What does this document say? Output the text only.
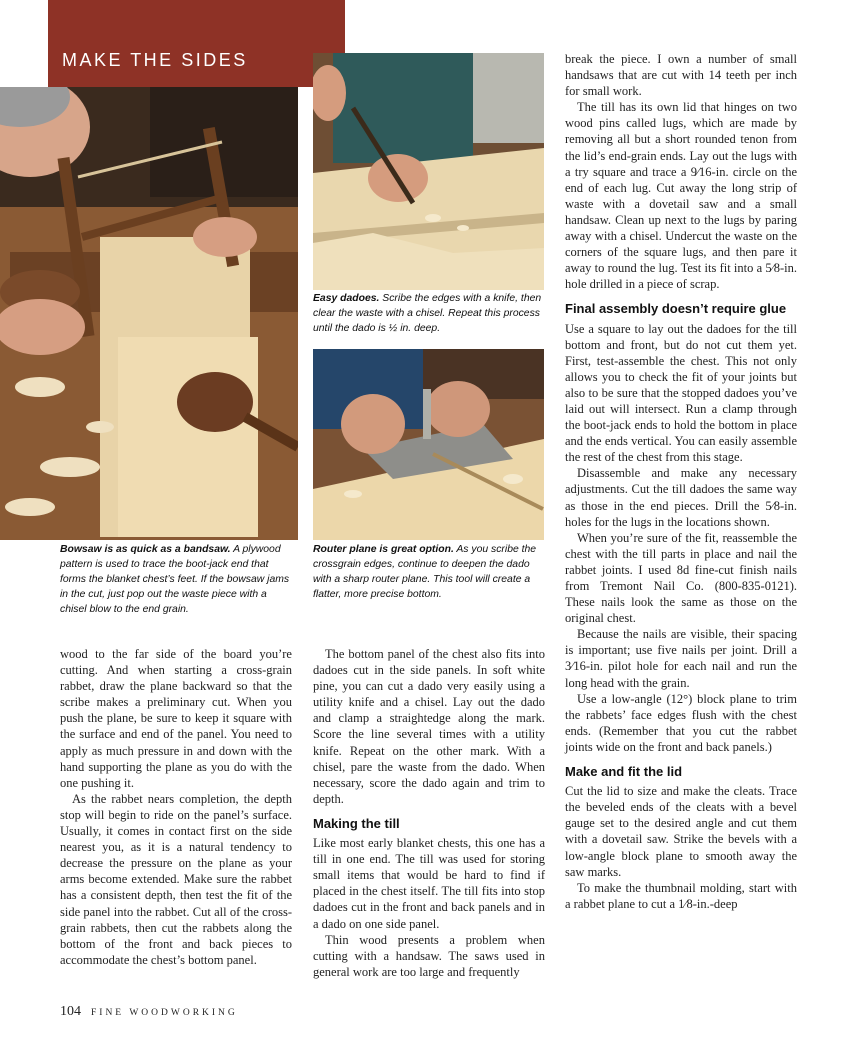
MAKE THE SIDES
Easy dadoes. Scribe the edges with a knife, then clear the waste with a chisel. Repeat this process until the dado is ½ in. deep.
Bowsaw is as quick as a bandsaw. A plywood pattern is used to trace the boot-jack end that forms the blanket chest’s feet. If the bowsaw jams in the cut, just pop out the waste piece with a chisel blow to the end grain.
Router plane is great option. As you scribe the crossgrain edges, continue to deepen the dado with a sharp router plane. This tool will create a flatter, more precise bottom.

wood to the far side of the board you’re cutting. And when starting a cross-grain rabbet, draw the plane backward so that the scribe makes a preliminary cut. When you push the plane, be sure to keep it square with the surface and end of the panel. You need to apply as much pressure in and down with the hand supporting the plane as you do with the one pushing it.

As the rabbet nears completion, the depth stop will begin to ride on the panel’s surface. Usually, it comes in contact first on the side nearest you, as it is a natural tendency to decrease the pressure on the plane as your arms become extended. Make sure the rabbet has a consistent depth, then test the fit of the side panel into the rabbet. Cut all of the cross-grain rabbets, then cut the rabbets along the bottom of the front and back pieces to accommodate the chest’s bottom panel.

The bottom panel of the chest also fits into dadoes cut in the side panels. In soft white pine, you can cut a dado very easily using a utility knife and a chisel. Lay out the dado and clamp a straightedge along the mark. Score the line several times with a utility knife. Repeat on the other mark. With a chisel, pare the waste from the dado. When necessary, score the dado again and trim to depth.

Making the till

Like most early blanket chests, this one has a till in one end. The till was used for storing small items that would be hard to find if placed in the chest itself. The till fits into stop dadoes cut in the front and back panels and in a dado on one side panel.

Thin wood presents a problem when cutting with a handsaw. The saws used in general work are too large and frequently

break the piece. I own a number of small handsaws that are cut with 14 teeth per inch for small work.

The till has its own lid that hinges on two wood pins called lugs, which are made by removing all but a short rounded tenon from the lid’s end-grain ends. Lay out the lugs with a try square and trace a 9⁄16-in. circle on the end of each lug. Cut away the long strip of waste with a dovetail saw and a small handsaw. Clean up next to the lugs by paring away with a chisel. Undercut the waste on the corners of the square lugs, and then pare it away to round the lug. Test its fit into a 5⁄8-in. hole drilled in a piece of scrap.

Final assembly doesn’t require glue

Use a square to lay out the dadoes for the till bottom and front, but do not cut them yet. First, test-assemble the chest. This not only allows you to check the fit of your joints but also to be sure that the stopped dadoes you’ve laid out will intersect. Run a clamp through the boot-jack ends to hold the bottom in place and the ends vertical. You can easily assemble the rest of the chest from this stage.

Disassemble and make any necessary adjustments. Cut the till dadoes the same way as those in the end pieces. Drill the 5⁄8-in. holes for the lugs in the locations shown.

When you’re sure of the fit, reassemble the chest with the till parts in place and nail the rabbet joints. I used 8d fine-cut finish nails from Tremont Nail Co. (800-835-0121). These nails look the same as those on the original chest.

Because the nails are visible, their spacing is important; use five nails per joint. Drill a 3⁄16-in. pilot hole for each nail and run the long head with the grain.

Use a low-angle (12°) block plane to trim the rabbets’ face edges flush with the chest ends. (Remember that you cut the rabbet joints wide on the front and back panels.)

Make and fit the lid

Cut the lid to size and make the cleats. Trace the beveled ends of the cleats with a bevel gauge set to the desired angle and cut them with a dovetail saw. Strike the bevels with a low-angle block plane to smooth away the saw marks.

To make the thumbnail molding, start with a rabbet plane to cut a 1⁄8-in.-deep

104 FINE WOODWORKING
